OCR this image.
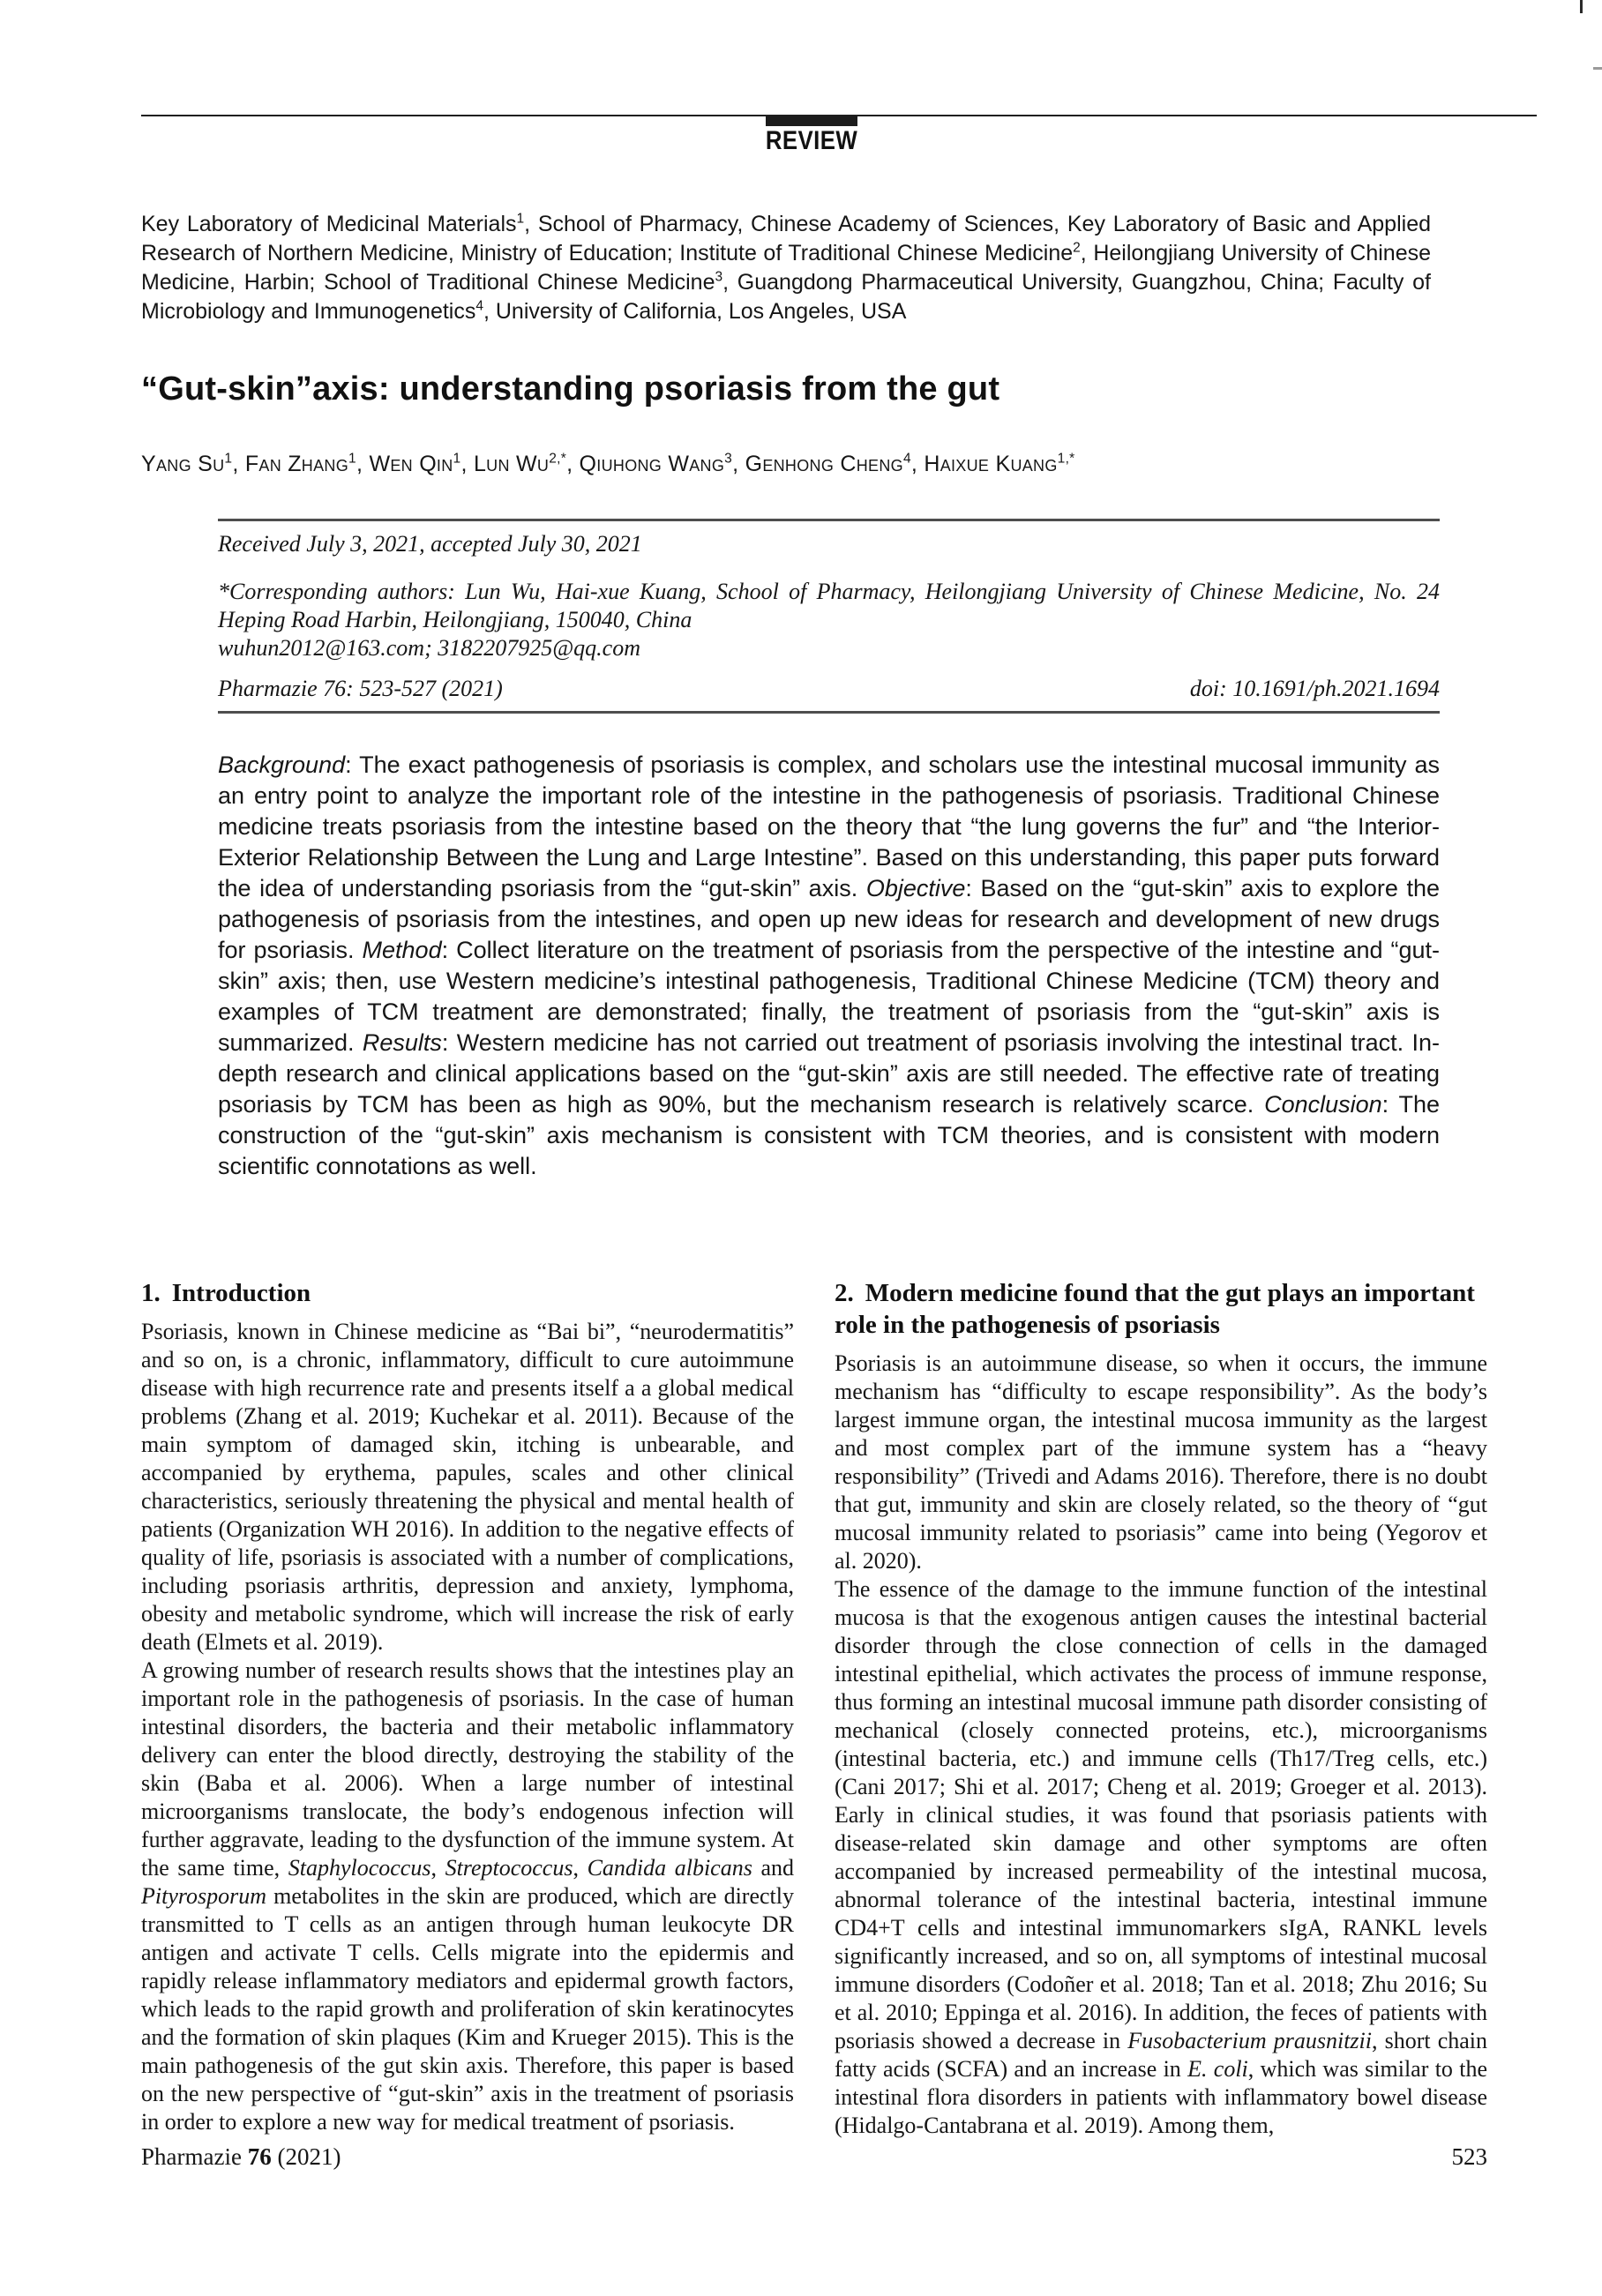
REVIEW

Key Laboratory of Medicinal Materials$^1$, School of Pharmacy, Chinese Academy of Sciences, Key Laboratory of Basic and Applied Research of Northern Medicine, Ministry of Education; Institute of Traditional Chinese Medicine$^2$, Heilongjiang University of Chinese Medicine, Harbin; School of Traditional Chinese Medicine$^3$, Guangdong Pharmaceutical University, Guangzhou, China; Faculty of Microbiology and Immunogenetics$^4$, University of California, Los Angeles, USA

“Gut-skin”axis: understanding psoriasis from the gut

Yang Su$^1$, Fan Zhang$^1$, Wen Qin$^1$, Lun $Wu^{2,*}$, Qiuhong Wang$^3$, Genhong Cheng$^4$, Haixue Kuang$^{1,*}$

Received July 3, 2021, accepted July 30, 2021

*Corresponding authors: Lun Wu, Hai-xue Kuang, School of Pharmacy, Heilongjiang University of Chinese Medicine, No. 24 Heping Road Harbin, Heilongjiang, 150040, China

wuhun2012@163.com; 3182207925@qq.com

Pharmazie 76: 523-527 (2021)	doi: 10.1691/ph.2021.1694

Background: The exact pathogenesis of psoriasis is complex, and scholars use the intestinal mucosal immunity as an entry point to analyze the important role of the intestine in the pathogenesis of psoriasis. Traditional Chinese medicine treats psoriasis from the intestine based on the theory that “the lung governs the fur” and “the Interior-Exterior Relationship Between the Lung and Large Intestine”. Based on this understanding, this paper puts forward the idea of understanding psoriasis from the “gut-skin” axis. Objective: Based on the “gut-skin” axis to explore the pathogenesis of psoriasis from the intestines, and open up new ideas for research and development of new drugs for psoriasis. Method: Collect literature on the treatment of psoriasis from the perspective of the intestine and “gut-skin” axis; then, use Western medicine’s intestinal pathogenesis, Traditional Chinese Medicine (TCM) theory and examples of TCM treatment are demonstrated; finally, the treatment of psoriasis from the “gut-skin” axis is summarized. Results: Western medicine has not carried out treatment of psoriasis involving the intestinal tract. In-depth research and clinical applications based on the “gut-skin” axis are still needed. The effective rate of treating psoriasis by TCM has been as high as 90%, but the mechanism research is relatively scarce. Conclusion: The construction of the “gut-skin” axis mechanism is consistent with TCM theories, and is consistent with modern scientific connotations as well.

1. Introduction

Psoriasis, known in Chinese medicine as “Bai bi”, “neurodermatitis” and so on, is a chronic, inflammatory, difficult to cure autoimmune disease with high recurrence rate and presents itself a a global medical problems (Zhang et al. 2019; Kuchekar et al. 2011). Because of the main symptom of damaged skin, itching is unbearable, and accompanied by erythema, papules, scales and other clinical characteristics, seriously threatening the physical and mental health of patients (Organization WH 2016). In addition to the negative effects of quality of life, psoriasis is associated with a number of complications, including psoriasis arthritis, depression and anxiety, lymphoma, obesity and metabolic syndrome, which will increase the risk of early death (Elmets et al. 2019).

A growing number of research results shows that the intestines play an important role in the pathogenesis of psoriasis. In the case of human intestinal disorders, the bacteria and their metabolic inflammatory delivery can enter the blood directly, destroying the stability of the skin (Baba et al. 2006). When a large number of intestinal microorganisms translocate, the body’s endogenous infection will further aggravate, leading to the dysfunction of the immune system. At the same time, Staphylococcus, Streptococcus, Candida albicans and Pityrosporum metabolites in the skin are produced, which are directly transmitted to T cells as an antigen through human leukocyte DR antigen and activate T cells. Cells migrate into the epidermis and rapidly release inflammatory mediators and epidermal growth factors, which leads to the rapid growth and proliferation of skin keratinocytes and the formation of skin plaques (Kim and Krueger 2015). This is the main pathogenesis of the gut skin axis. Therefore, this paper is based on the new perspective of “gut-skin” axis in the treatment of psoriasis in order to explore a new way for medical treatment of psoriasis.

2. Modern medicine found that the gut plays an important role in the pathogenesis of psoriasis

Psoriasis is an autoimmune disease, so when it occurs, the immune mechanism has “difficulty to escape responsibility”. As the body’s largest immune organ, the intestinal mucosa immunity as the largest and most complex part of the immune system has a “heavy responsibility” (Trivedi and Adams 2016). Therefore, there is no doubt that gut, immunity and skin are closely related, so the theory of “gut mucosal immunity related to psoriasis” came into being (Yegorov et al. 2020).

The essence of the damage to the immune function of the intestinal mucosa is that the exogenous antigen causes the intestinal bacterial disorder through the close connection of cells in the damaged intestinal epithelial, which activates the process of immune response, thus forming an intestinal mucosal immune path disorder consisting of mechanical (closely connected proteins, etc.), microorganisms (intestinal bacteria, etc.) and immune cells (Th17/Treg cells, etc.) (Cani 2017; Shi et al. 2017; Cheng et al. 2019; Groeger et al. 2013). Early in clinical studies, it was found that psoriasis patients with disease-related skin damage and other symptoms are often accompanied by increased permeability of the intestinal mucosa, abnormal tolerance of the intestinal bacteria, intestinal immune CD4+T cells and intestinal immunomarkers sIgA, RANKL levels significantly increased, and so on, all symptoms of intestinal mucosal immune disorders (Codoñer et al. 2018; Tan et al. 2018; Zhu 2016; Su et al. 2010; Eppinga et al. 2016). In addition, the feces of patients with psoriasis showed a decrease in Fusobacterium prausnitzii, short chain fatty acids (SCFA) and an increase in E. coli, which was similar to the intestinal flora disorders in patients with inflammatory bowel disease (Hidalgo-Cantabrana et al. 2019). Among them,

Pharmazie 76 (2021)	523
